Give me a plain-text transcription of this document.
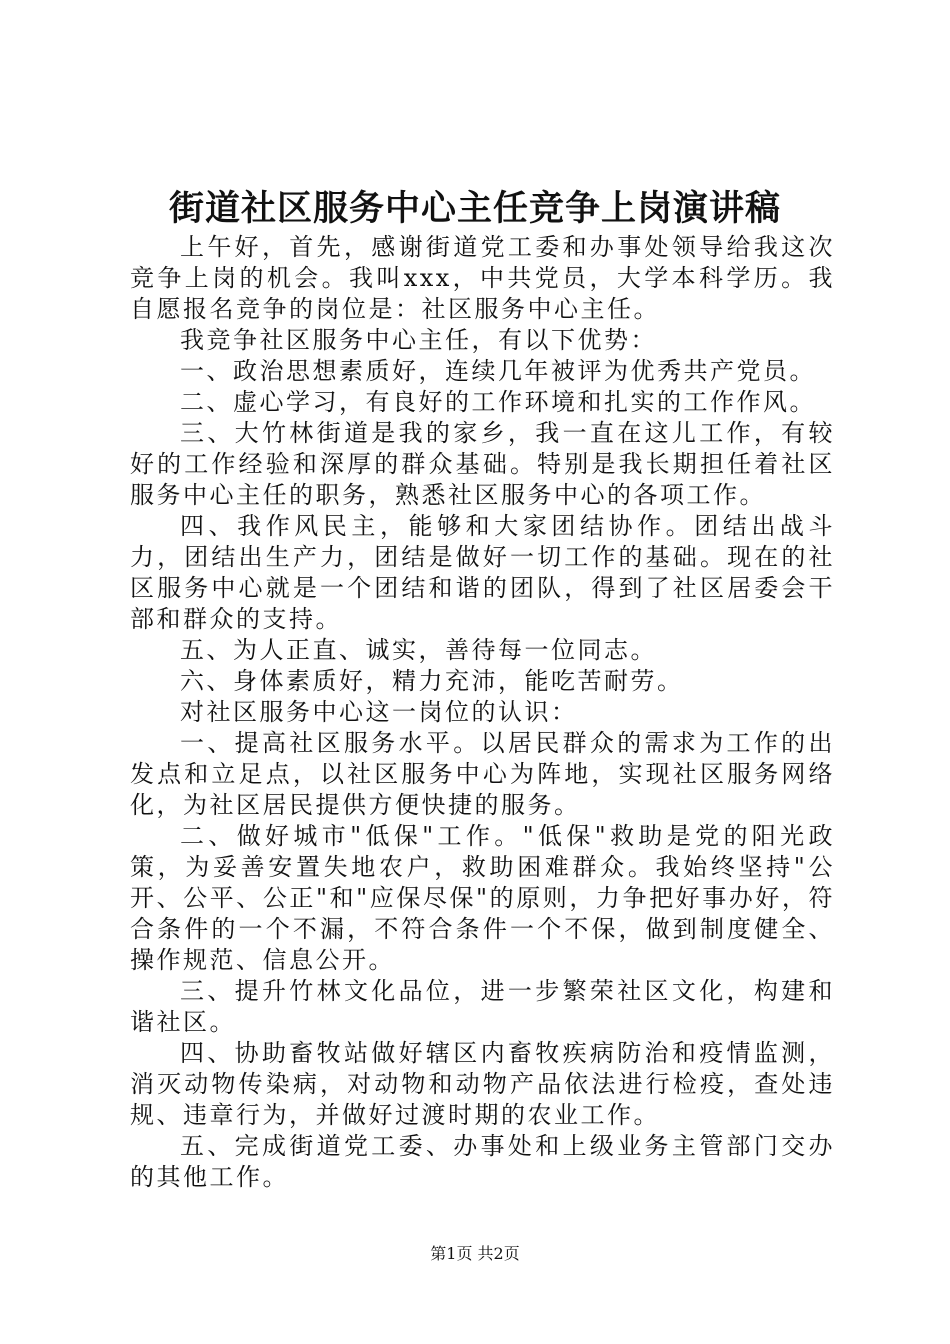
街道社区服务中心主任竞争上岗演讲稿

上午好，首先，感谢街道党工委和办事处领导给我这次竞争上岗的机会。我叫xxx，中共党员，大学本科学历。我自愿报名竞争的岗位是：社区服务中心主任。

我竞争社区服务中心主任，有以下优势：

一、政治思想素质好，连续几年被评为优秀共产党员。

二、虚心学习，有良好的工作环境和扎实的工作作风。

三、大竹林街道是我的家乡，我一直在这儿工作，有较好的工作经验和深厚的群众基础。特别是我长期担任着社区服务中心主任的职务，熟悉社区服务中心的各项工作。

四、我作风民主，能够和大家团结协作。团结出战斗力，团结出生产力，团结是做好一切工作的基础。现在的社区服务中心就是一个团结和谐的团队，得到了社区居委会干部和群众的支持。

五、为人正直、诚实，善待每一位同志。

六、身体素质好，精力充沛，能吃苦耐劳。

对社区服务中心这一岗位的认识：

一、提高社区服务水平。以居民群众的需求为工作的出发点和立足点，以社区服务中心为阵地，实现社区服务网络化，为社区居民提供方便快捷的服务。

二、做好城市"低保"工作。"低保"救助是党的阳光政策，为妥善安置失地农户，救助困难群众。我始终坚持"公开、公平、公正"和"应保尽保"的原则，力争把好事办好，符合条件的一个不漏，不符合条件一个不保，做到制度健全、操作规范、信息公开。

三、提升竹林文化品位，进一步繁荣社区文化，构建和谐社区。

四、协助畜牧站做好辖区内畜牧疾病防治和疫情监测，消灭动物传染病，对动物和动物产品依法进行检疫，查处违规、违章行为，并做好过渡时期的农业工作。

五、完成街道党工委、办事处和上级业务主管部门交办的其他工作。

第1页 共2页
